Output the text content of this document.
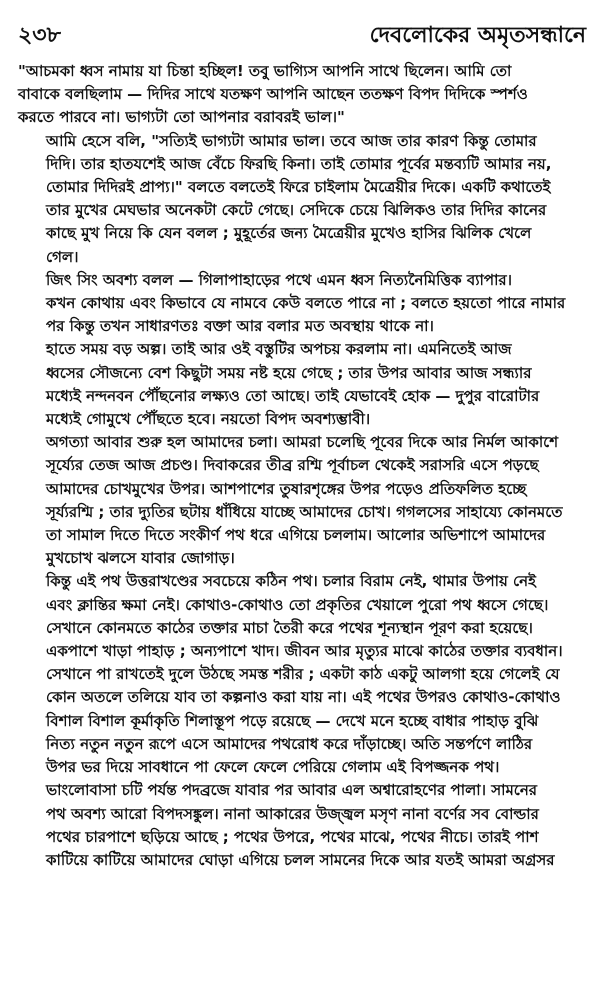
২৩৮	দেবলোকের অমৃতসন্ধানে

"আচমকা ধ্বস নামায় যা চিন্তা হচ্ছিল! তবু ভাগ্যিস আপনি সাথে ছিলেন। আমি তো
বাবাকে বলছিলাম — দিদির সাথে যতক্ষণ আপনি আছেন ততক্ষণ বিপদ দিদিকে স্পর্শও
করতে পারবে না। ভাগ্যটা তো আপনার বরাবরই ভাল।"

আমি হেসে বলি, "সত্যিই ভাগ্যটা আমার ভাল। তবে আজ তার কারণ কিন্তু তোমার
দিদি। তার হাতযশেই আজ বেঁচে ফিরছি কিনা। তাই তোমার পূর্বের মন্তব্যটি আমার নয়,
তোমার দিদিরই প্রাপ্য।" বলতে বলতেই ফিরে চাইলাম মৈত্রেয়ীর দিকে। একটি কথাতেই
তার মুখের মেঘভার অনেকটা কেটে গেছে। সেদিকে চেয়ে ঝিলিকও তার দিদির কানের
কাছে মুখ নিয়ে কি যেন বলল ; মুহূর্তের জন্য মৈত্রেয়ীর মুখেও হাসির ঝিলিক খেলে
গেল।

জিৎ সিং অবশ্য বলল — গিলাপাহাড়ের পথে এমন ধ্বস নিত্যনৈমিত্তিক ব্যাপার।
কখন কোথায় এবং কিভাবে যে নামবে কেউ বলতে পারে না ; বলতে হয়তো পারে নামার
পর কিন্তু তখন সাধারণতঃ বক্তা আর বলার মত অবস্থায় থাকে না।

হাতে সময় বড় অল্প। তাই আর ওই বস্তুটির অপচয় করলাম না। এমনিতেই আজ
ধ্বসের সৌজন্যে বেশ কিছুটা সময় নষ্ট হয়ে গেছে ; তার উপর আবার আজ সন্ধ্যার
মধ্যেই নন্দনবন পৌঁছনোর লক্ষ্যও তো আছে। তাই যেভাবেই হোক — দুপুর বারোটার
মধ্যেই গোমুখে পৌঁছতে হবে। নয়তো বিপদ অবশ্যম্ভাবী।

অগত্যা আবার শুরু হল আমাদের চলা। আমরা চলেছি পূবের দিকে আর নির্মল আকাশে
সূর্য্যের তেজ আজ প্রচণ্ড। দিবাকরের তীব্র রশ্মি পূর্বাচল থেকেই সরাসরি এসে পড়ছে
আমাদের চোখমুখের উপর। আশপাশের তুষারশৃঙ্গের উপর পড়েও প্রতিফলিত হচ্ছে
সূর্য্যরশ্মি ; তার দ্যুতির ছটায় ধাঁধিয়ে যাচ্ছে আমাদের চোখ। গগলসের সাহায্যে কোনমতে
তা সামাল দিতে দিতে সংকীর্ণ পথ ধরে এগিয়ে চললাম। আলোর অভিশাপে আমাদের
মুখচোখ ঝলসে যাবার জোগাড়।

কিন্তু এই পথ উত্তরাখণ্ডের সবচেয়ে কঠিন পথ। চলার বিরাম নেই, থামার উপায় নেই
এবং ক্লান্তির ক্ষমা নেই। কোথাও-কোথাও তো প্রকৃতির খেয়ালে পুরো পথ ধ্বসে গেছে।
সেখানে কোনমতে কাঠের তক্তার মাচা তৈরী করে পথের শূন্যস্থান পূরণ করা হয়েছে।
একপাশে খাড়া পাহাড় ; অন্যপাশে খাদ। জীবন আর মৃত্যুর মাঝে কাঠের তক্তার ব্যবধান।
সেখানে পা রাখতেই দুলে উঠছে সমস্ত শরীর ; একটা কাঠ একটু আলগা হয়ে গেলেই যে
কোন অতলে তলিয়ে যাব তা কল্পনাও করা যায় না। এই পথের উপরও কোথাও-কোথাও
বিশাল বিশাল কূর্মাকৃতি শিলাস্তূপ পড়ে রয়েছে — দেখে মনে হচ্ছে বাধার পাহাড় বুঝি
নিত্য নতুন নতুন রূপে এসে আমাদের পথরোধ করে দাঁড়াচ্ছে। অতি সন্তর্পণে লাঠির
উপর ভর দিয়ে সাবধানে পা ফেলে ফেলে পেরিয়ে গেলাম এই বিপজ্জনক পথ।

ভাংলোবাসা চটি পর্যন্ত পদব্রজে যাবার পর আবার এল অশ্বারোহণের পালা। সামনের
পথ অবশ্য আরো বিপদসঙ্কুল। নানা আকারের উজ্জ্বল মসৃণ নানা বর্ণের সব বোল্ডার
পথের চারপাশে ছড়িয়ে আছে ; পথের উপরে, পথের মাঝে, পথের নীচে। তারই পাশ
কাটিয়ে কাটিয়ে আমাদের ঘোড়া এগিয়ে চলল সামনের দিকে আর যতই আমরা অগ্রসর
